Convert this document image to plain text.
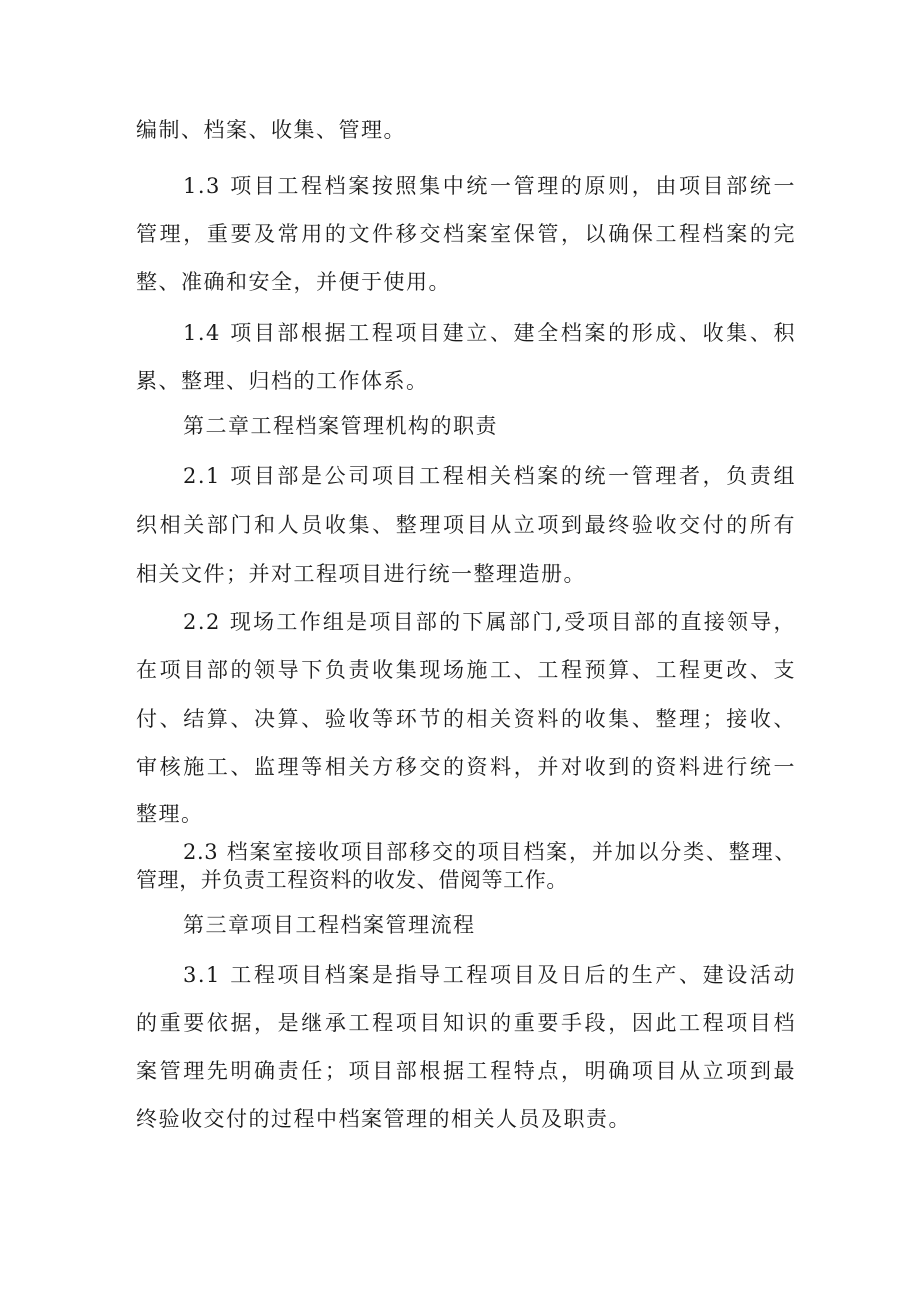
编制、档案、收集、管理。
1.3 项目工程档案按照集中统一管理的原则，由项目部统一
管理，重要及常用的文件移交档案室保管，以确保工程档案的完
整、准确和安全，并便于使用。
1.4 项目部根据工程项目建立、建全档案的形成、收集、积
累、整理、归档的工作体系。
第二章工程档案管理机构的职责
2.1 项目部是公司项目工程相关档案的统一管理者，负责组
织相关部门和人员收集、整理项目从立项到最终验收交付的所有
相关文件；并对工程项目进行统一整理造册。
2.2 现场工作组是项目部的下属部门,受项目部的直接领导，
在项目部的领导下负责收集现场施工、工程预算、工程更改、支
付、结算、决算、验收等环节的相关资料的收集、整理；接收、
审核施工、监理等相关方移交的资料，并对收到的资料进行统一
整理。
2.3 档案室接收项目部移交的项目档案，并加以分类、整理、
管理，并负责工程资料的收发、借阅等工作。
第三章项目工程档案管理流程
3.1 工程项目档案是指导工程项目及日后的生产、建设活动
的重要依据，是继承工程项目知识的重要手段，因此工程项目档
案管理先明确责任；项目部根据工程特点，明确项目从立项到最
终验收交付的过程中档案管理的相关人员及职责。
